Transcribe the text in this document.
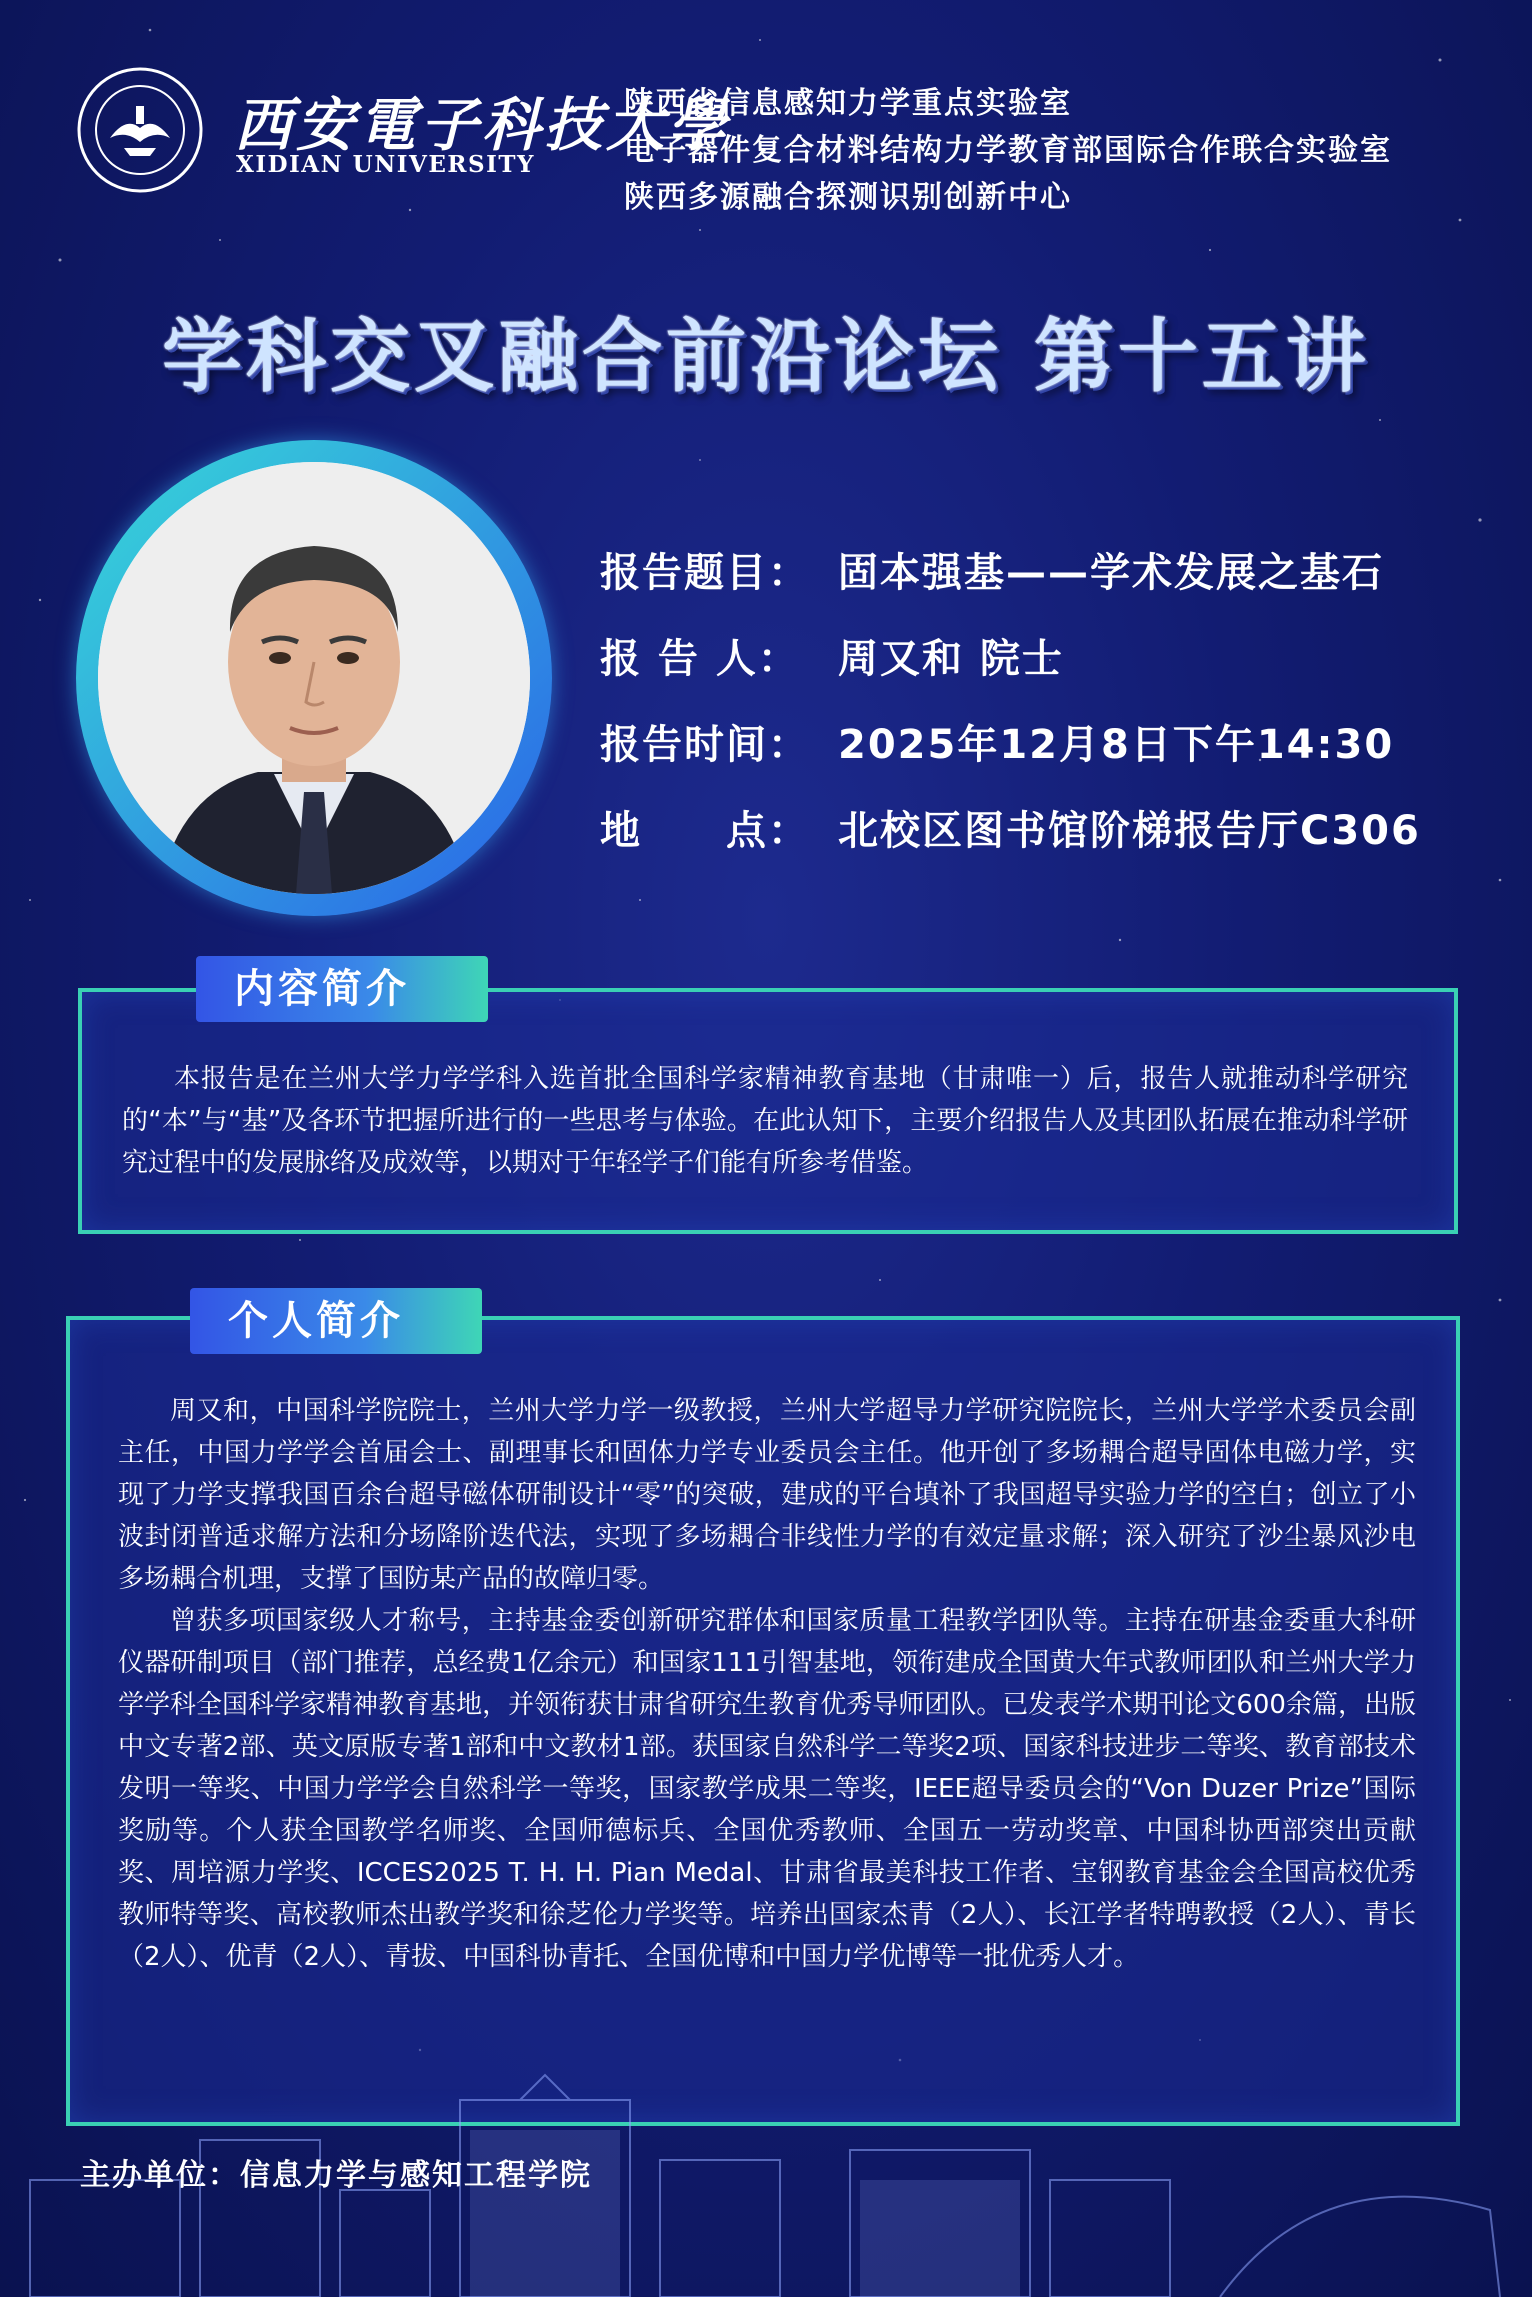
西安電子科技大學
XIDIAN UNIVERSITY
陕西省信息感知力学重点实验室
电子器件复合材料结构力学教育部国际合作联合实验室
陕西多源融合探测识别创新中心
学科交叉融合前沿论坛 第十五讲
报告题目： 固本强基——学术发展之基石
报 告 人： 周又和 院士
报告时间： 2025年12月8日下午14:30
地　　点： 北校区图书馆阶梯报告厅C306

本报告是在兰州大学力学学科入选首批全国科学家精神教育基地（甘肃唯一）后，报告人就推动科学研究的“本”与“基”及各环节把握所进行的一些思考与体验。在此认知下，主要介绍报告人及其团队拓展在推动科学研究过程中的发展脉络及成效等，以期对于年轻学子们能有所参考借鉴。

内容简介

周又和，中国科学院院士，兰州大学力学一级教授，兰州大学超导力学研究院院长，兰州大学学术委员会副主任，中国力学学会首届会士、副理事长和固体力学专业委员会主任。他开创了多场耦合超导固体电磁力学，实现了力学支撑我国百余台超导磁体研制设计“零”的突破，建成的平台填补了我国超导实验力学的空白；创立了小波封闭普适求解方法和分场降阶迭代法，实现了多场耦合非线性力学的有效定量求解；深入研究了沙尘暴风沙电多场耦合机理，支撑了国防某产品的故障归零。

曾获多项国家级人才称号，主持基金委创新研究群体和国家质量工程教学团队等。主持在研基金委重大科研仪器研制项目（部门推荐，总经费1亿余元）和国家111引智基地，领衔建成全国黄大年式教师团队和兰州大学力学学科全国科学家精神教育基地，并领衔获甘肃省研究生教育优秀导师团队。已发表学术期刊论文600余篇，出版中文专著2部、英文原版专著1部和中文教材1部。获国家自然科学二等奖2项、国家科技进步二等奖、教育部技术发明一等奖、中国力学学会自然科学一等奖，国家教学成果二等奖，IEEE超导委员会的“Von Duzer Prize”国际奖励等。个人获全国教学名师奖、全国师德标兵、全国优秀教师、全国五一劳动奖章、中国科协西部突出贡献奖、周培源力学奖、ICCES2025 T. H. H. Pian Medal、甘肃省最美科技工作者、宝钢教育基金会全国高校优秀教师特等奖、高校教师杰出教学奖和徐芝伦力学奖等。培养出国家杰青（2人）、长江学者特聘教授（2人）、青长（2人）、优青（2人）、青拔、中国科协青托、全国优博和中国力学优博等一批优秀人才。

个人简介
主办单位：信息力学与感知工程学院
